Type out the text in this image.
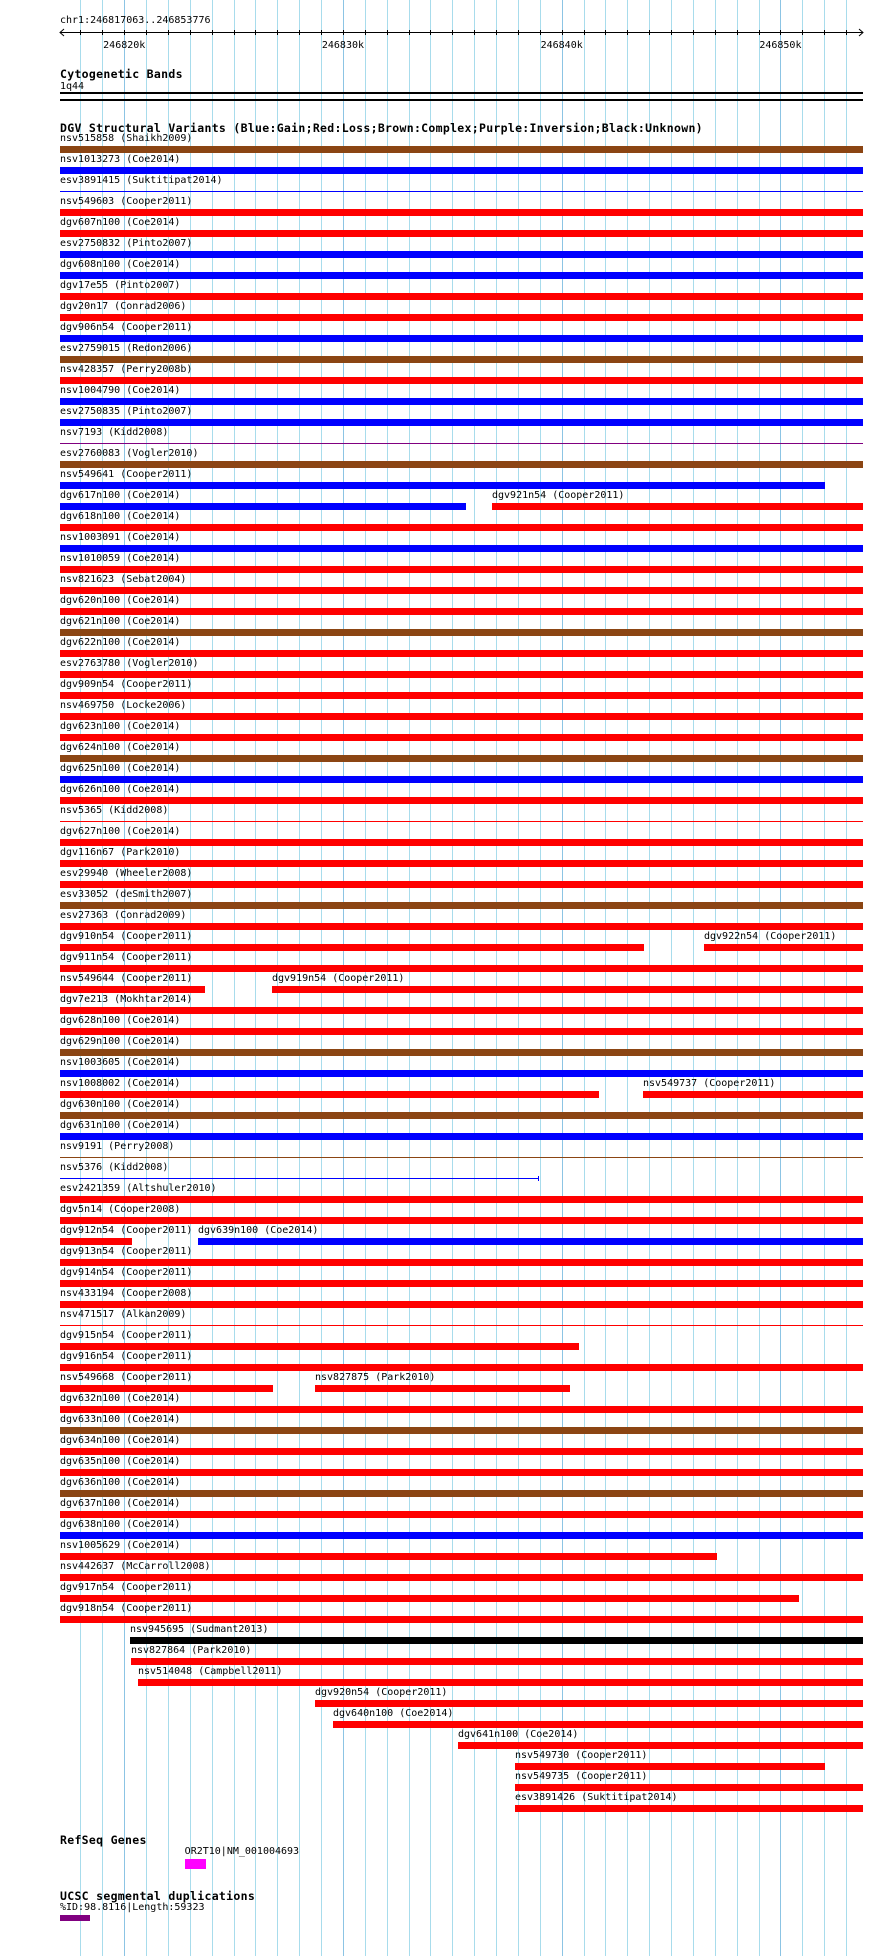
chr1:246817063..246853776
246820k	246830k	246840k	246850k
Cytogenetic Bands
1q44
DGV Structural Variants (Blue:Gain;Red:Loss;Brown:Complex;Purple:Inversion;Black:Unknown)
nsv515858 (Shaikh2009)
nsv1013273 (Coe2014)
esv3891415 (Suktitipat2014)
nsv549603 (Cooper2011)
dgv607n100 (Coe2014)
esv2750832 (Pinto2007)
dgv608n100 (Coe2014)
dgv17e55 (Pinto2007)
dgv20n17 (Conrad2006)
dgv906n54 (Cooper2011)
esv2759015 (Redon2006)
nsv428357 (Perry2008b)
nsv1004790 (Coe2014)
esv2750835 (Pinto2007)
nsv7193 (Kidd2008)
esv2760083 (Vogler2010)
nsv549641 (Cooper2011)
dgv617n100 (Coe2014)	dgv921n54 (Cooper2011)
dgv618n100 (Coe2014)
nsv1003091 (Coe2014)
nsv1010059 (Coe2014)
nsv821623 (Sebat2004)
dgv620n100 (Coe2014)
dgv621n100 (Coe2014)
dgv622n100 (Coe2014)
esv2763780 (Vogler2010)
dgv909n54 (Cooper2011)
nsv469750 (Locke2006)
dgv623n100 (Coe2014)
dgv624n100 (Coe2014)
dgv625n100 (Coe2014)
dgv626n100 (Coe2014)
nsv5365 (Kidd2008)
dgv627n100 (Coe2014)
dgv116n67 (Park2010)
esv29940 (Wheeler2008)
esv33052 (deSmith2007)
esv27363 (Conrad2009)
dgv910n54 (Cooper2011)	dgv922n54 (Cooper2011)
dgv911n54 (Cooper2011)
nsv549644 (Cooper2011)	dgv919n54 (Cooper2011)
dgv7e213 (Mokhtar2014)
dgv628n100 (Coe2014)
dgv629n100 (Coe2014)
nsv1003605 (Coe2014)
nsv1008002 (Coe2014)	nsv549737 (Cooper2011)
dgv630n100 (Coe2014)
dgv631n100 (Coe2014)
nsv9191 (Perry2008)
nsv5376 (Kidd2008)
esv2421359 (Altshuler2010)
dgv5n14 (Cooper2008)
dgv912n54 (Cooper2011) dgv639n100 (Coe2014)
dgv913n54 (Cooper2011)
dgv914n54 (Cooper2011)
nsv433194 (Cooper2008)
nsv471517 (Alkan2009)
dgv915n54 (Cooper2011)
dgv916n54 (Cooper2011)
nsv549668 (Cooper2011)	nsv827875 (Park2010)
dgv632n100 (Coe2014)
dgv633n100 (Coe2014)
dgv634n100 (Coe2014)
dgv635n100 (Coe2014)
dgv636n100 (Coe2014)
dgv637n100 (Coe2014)
dgv638n100 (Coe2014)
nsv1005629 (Coe2014)
nsv442637 (McCarroll2008)
dgv917n54 (Cooper2011)
dgv918n54 (Cooper2011)
nsv945695 (Sudmant2013)
nsv827864 (Park2010)
nsv514048 (Campbell2011)
dgv920n54 (Cooper2011)
dgv640n100 (Coe2014)
dgv641n100 (Coe2014)
nsv549730 (Cooper2011)
nsv549735 (Cooper2011)
esv3891426 (Suktitipat2014)
RefSeq Genes
OR2T10|NM_001004693
UCSC segmental duplications
%ID:98.8116|Length:59323
